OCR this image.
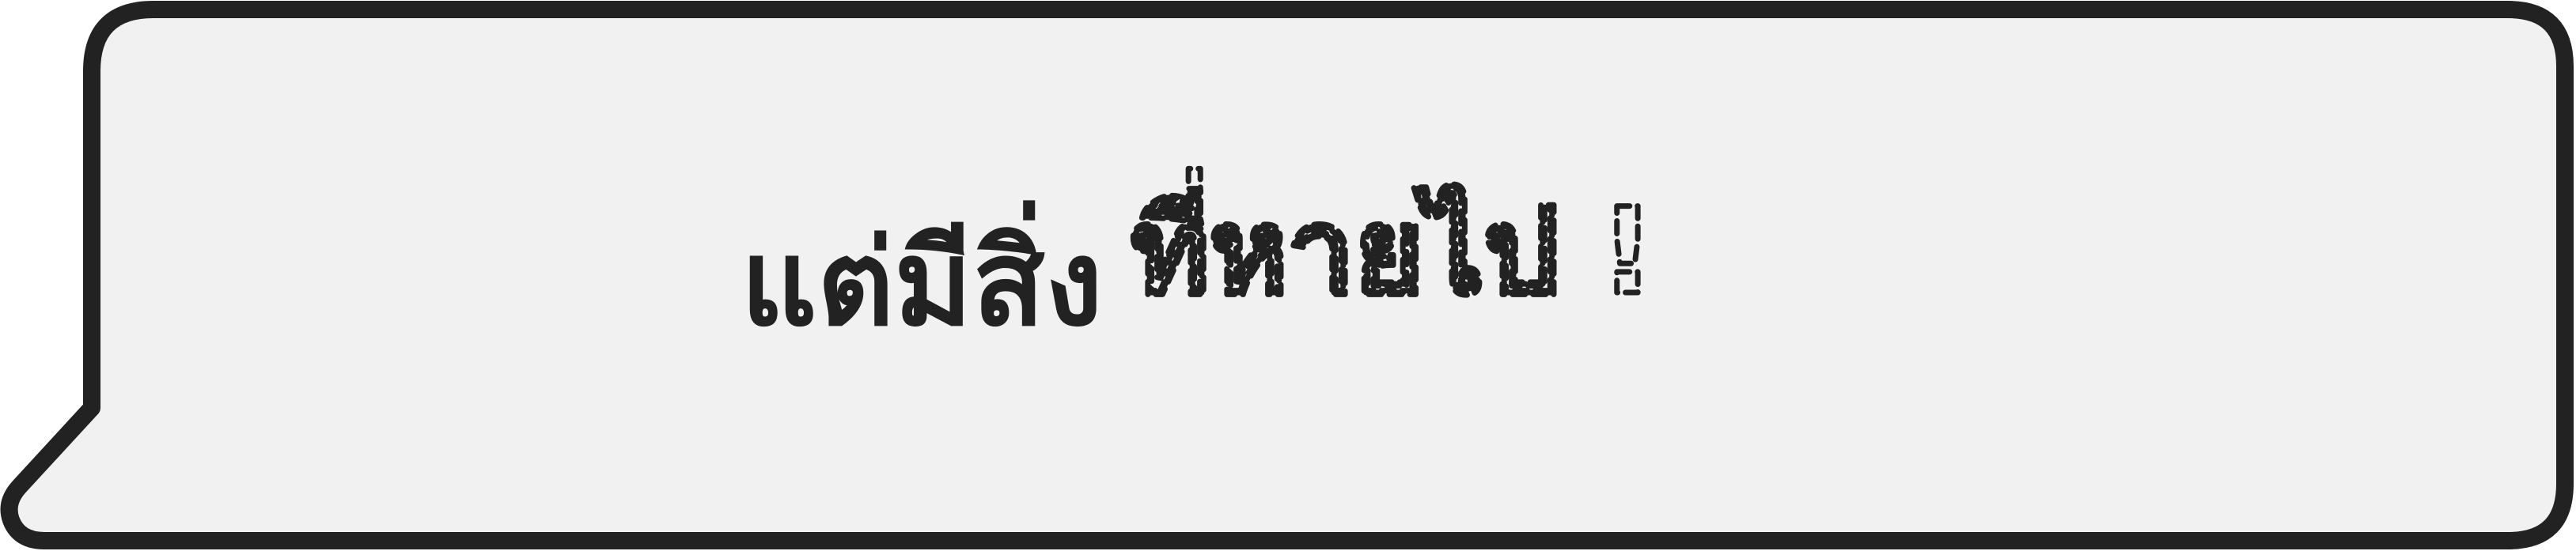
แต่มีสิ่ง ที่หายไป !
